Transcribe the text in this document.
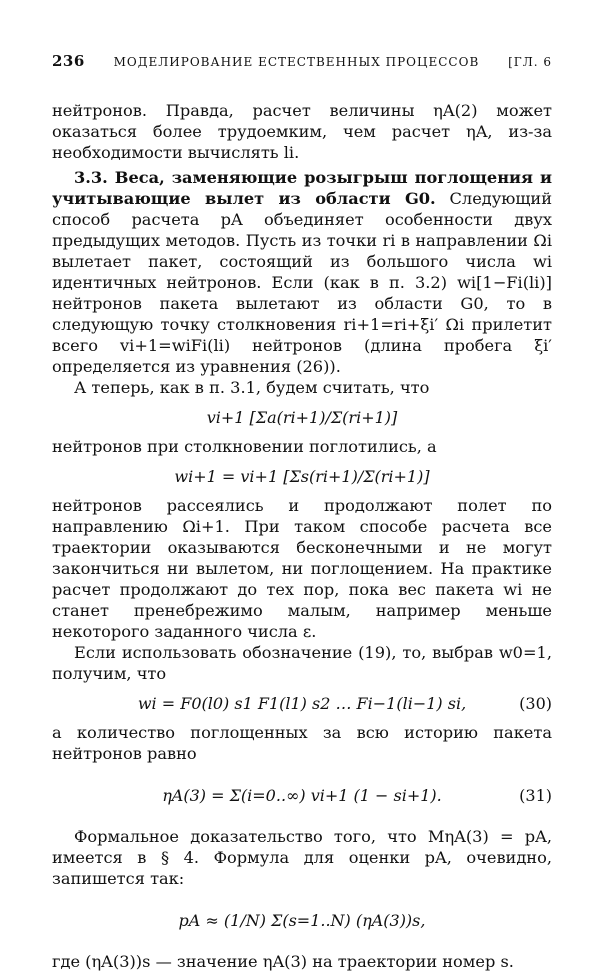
236 МОДЕЛИРОВАНИЕ ЕСТЕСТВЕННЫХ ПРОЦЕССОВ [ГЛ. 6

нейтронов. Правда, расчет величины ηA(2) может оказаться более трудоемким, чем расчет ηA, из-за необходимости вычислять li.

3.3. Веса, заменяющие розыгрыш поглощения и учитывающие вылет из области G0. Следующий способ расчета pA объединяет особенности двух предыдущих методов. Пусть из точки ri в направлении Ωi вылетает пакет, состоящий из большого числа wi идентичных нейтронов. Если (как в п. 3.2) wi[1−Fi(li)] нейтронов пакета вылетают из области G0, то в следующую точку столкновения ri+1=ri+ξi′ Ωi прилетит всего vi+1=wiFi(li) нейтронов (длина пробега ξi′ определяется из уравнения (26)).

А теперь, как в п. 3.1, будем считать, что

vi+1 [Σa(ri+1)/Σ(ri+1)]

нейтронов при столкновении поглотились, а

wi+1 = vi+1 [Σs(ri+1)/Σ(ri+1)]

нейтронов рассеялись и продолжают полет по направлению Ωi+1. При таком способе расчета все траектории оказываются бесконечными и не могут закончиться ни вылетом, ни поглощением. На практике расчет продолжают до тех пор, пока вес пакета wi не станет пренебрежимо малым, например меньше некоторого заданного числа ε.

Если использовать обозначение (19), то, выбрав w0=1, получим, что

wi = F0(l0) s1 F1(l1) s2 … Fi−1(li−1) si,	(30)

а количество поглощенных за всю историю пакета нейтронов равно

ηA(3) = Σ(i=0..∞) vi+1 (1 − si+1).	(31)

Формальное доказательство того, что MηA(3) = pA, имеется в § 4. Формула для оценки pA, очевидно, запишется так:

pA ≈ (1/N) Σ(s=1..N) (ηA(3))s,

где (ηA(3))s — значение ηA(3) на траектории номер s.
